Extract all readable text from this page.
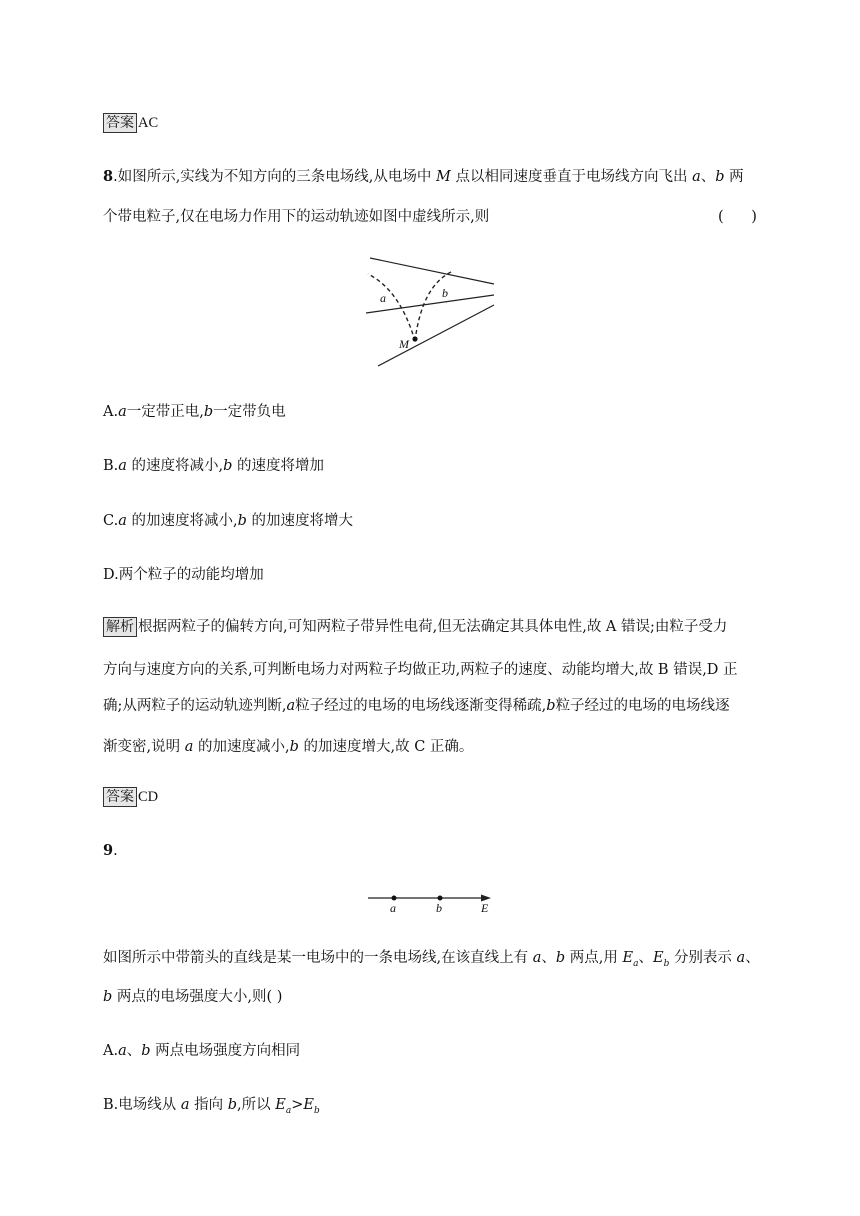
答案 AC
8.如图所示,实线为不知方向的三条电场线,从电场中 M 点以相同速度垂直于电场线方向飞出 a、b 两
个带电粒子,仅在电场力作用下的运动轨迹如图中虚线所示,则	(      )
a	b
M
A.a一定带正电,b一定带负电
B.a 的速度将减小,b 的速度将增加
C.a 的加速度将减小,b 的加速度将增大
D.两个粒子的动能均增加
解析 根据两粒子的偏转方向,可知两粒子带异性电荷,但无法确定其具体电性,故 A 错误;由粒子受力
方向与速度方向的关系,可判断电场力对两粒子均做正功,两粒子的速度、动能均增大,故 B 错误,D 正
确;从两粒子的运动轨迹判断,a粒子经过的电场的电场线逐渐变得稀疏,b粒子经过的电场的电场线逐
渐变密,说明 a 的加速度减小,b 的加速度增大,故 C 正确。
答案 CD
9.
a	b	E
如图所示中带箭头的直线是某一电场中的一条电场线,在该直线上有 a、b 两点,用 $E_a$、$E_b$ 分别表示 a、
b 两点的电场强度大小,则( )
A.a、b 两点电场强度方向相同
B.电场线从 a 指向 b,所以 $E_a>E_b$
